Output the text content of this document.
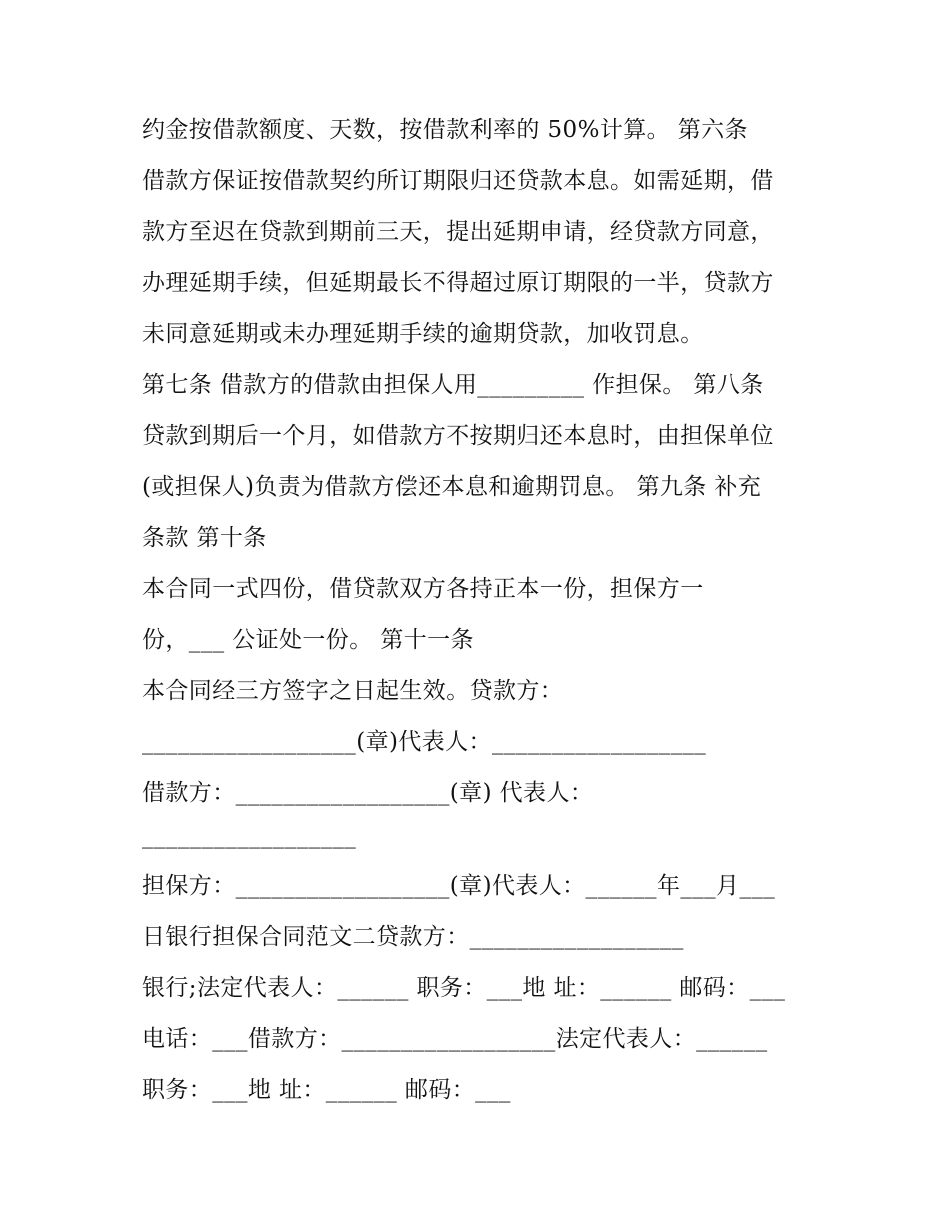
约金按借款额度、天数，按借款利率的 50%计算。 第六条
借款方保证按借款契约所订期限归还贷款本息。如需延期，借
款方至迟在贷款到期前三天，提出延期申请，经贷款方同意，
办理延期手续，但延期最长不得超过原订期限的一半，贷款方
未同意延期或未办理延期手续的逾期贷款，加收罚息。
第七条 借款方的借款由担保人用_________ 作担保。 第八条
贷款到期后一个月，如借款方不按期归还本息时，由担保单位
(或担保人)负责为借款方偿还本息和逾期罚息。 第九条 补充
条款 第十条
本合同一式四份，借贷款双方各持正本一份，担保方一
份，___ 公证处一份。 第十一条
本合同经三方签字之日起生效。贷款方：
__________________(章)代表人：__________________
借款方：__________________(章) 代表人：
__________________
担保方：__________________(章)代表人：______年___月___
日银行担保合同范文二贷款方：__________________
银行;法定代表人：______ 职务：___地 址：______ 邮码：___
电话：___借款方：__________________法定代表人：______
职务：___地 址：______ 邮码：___
